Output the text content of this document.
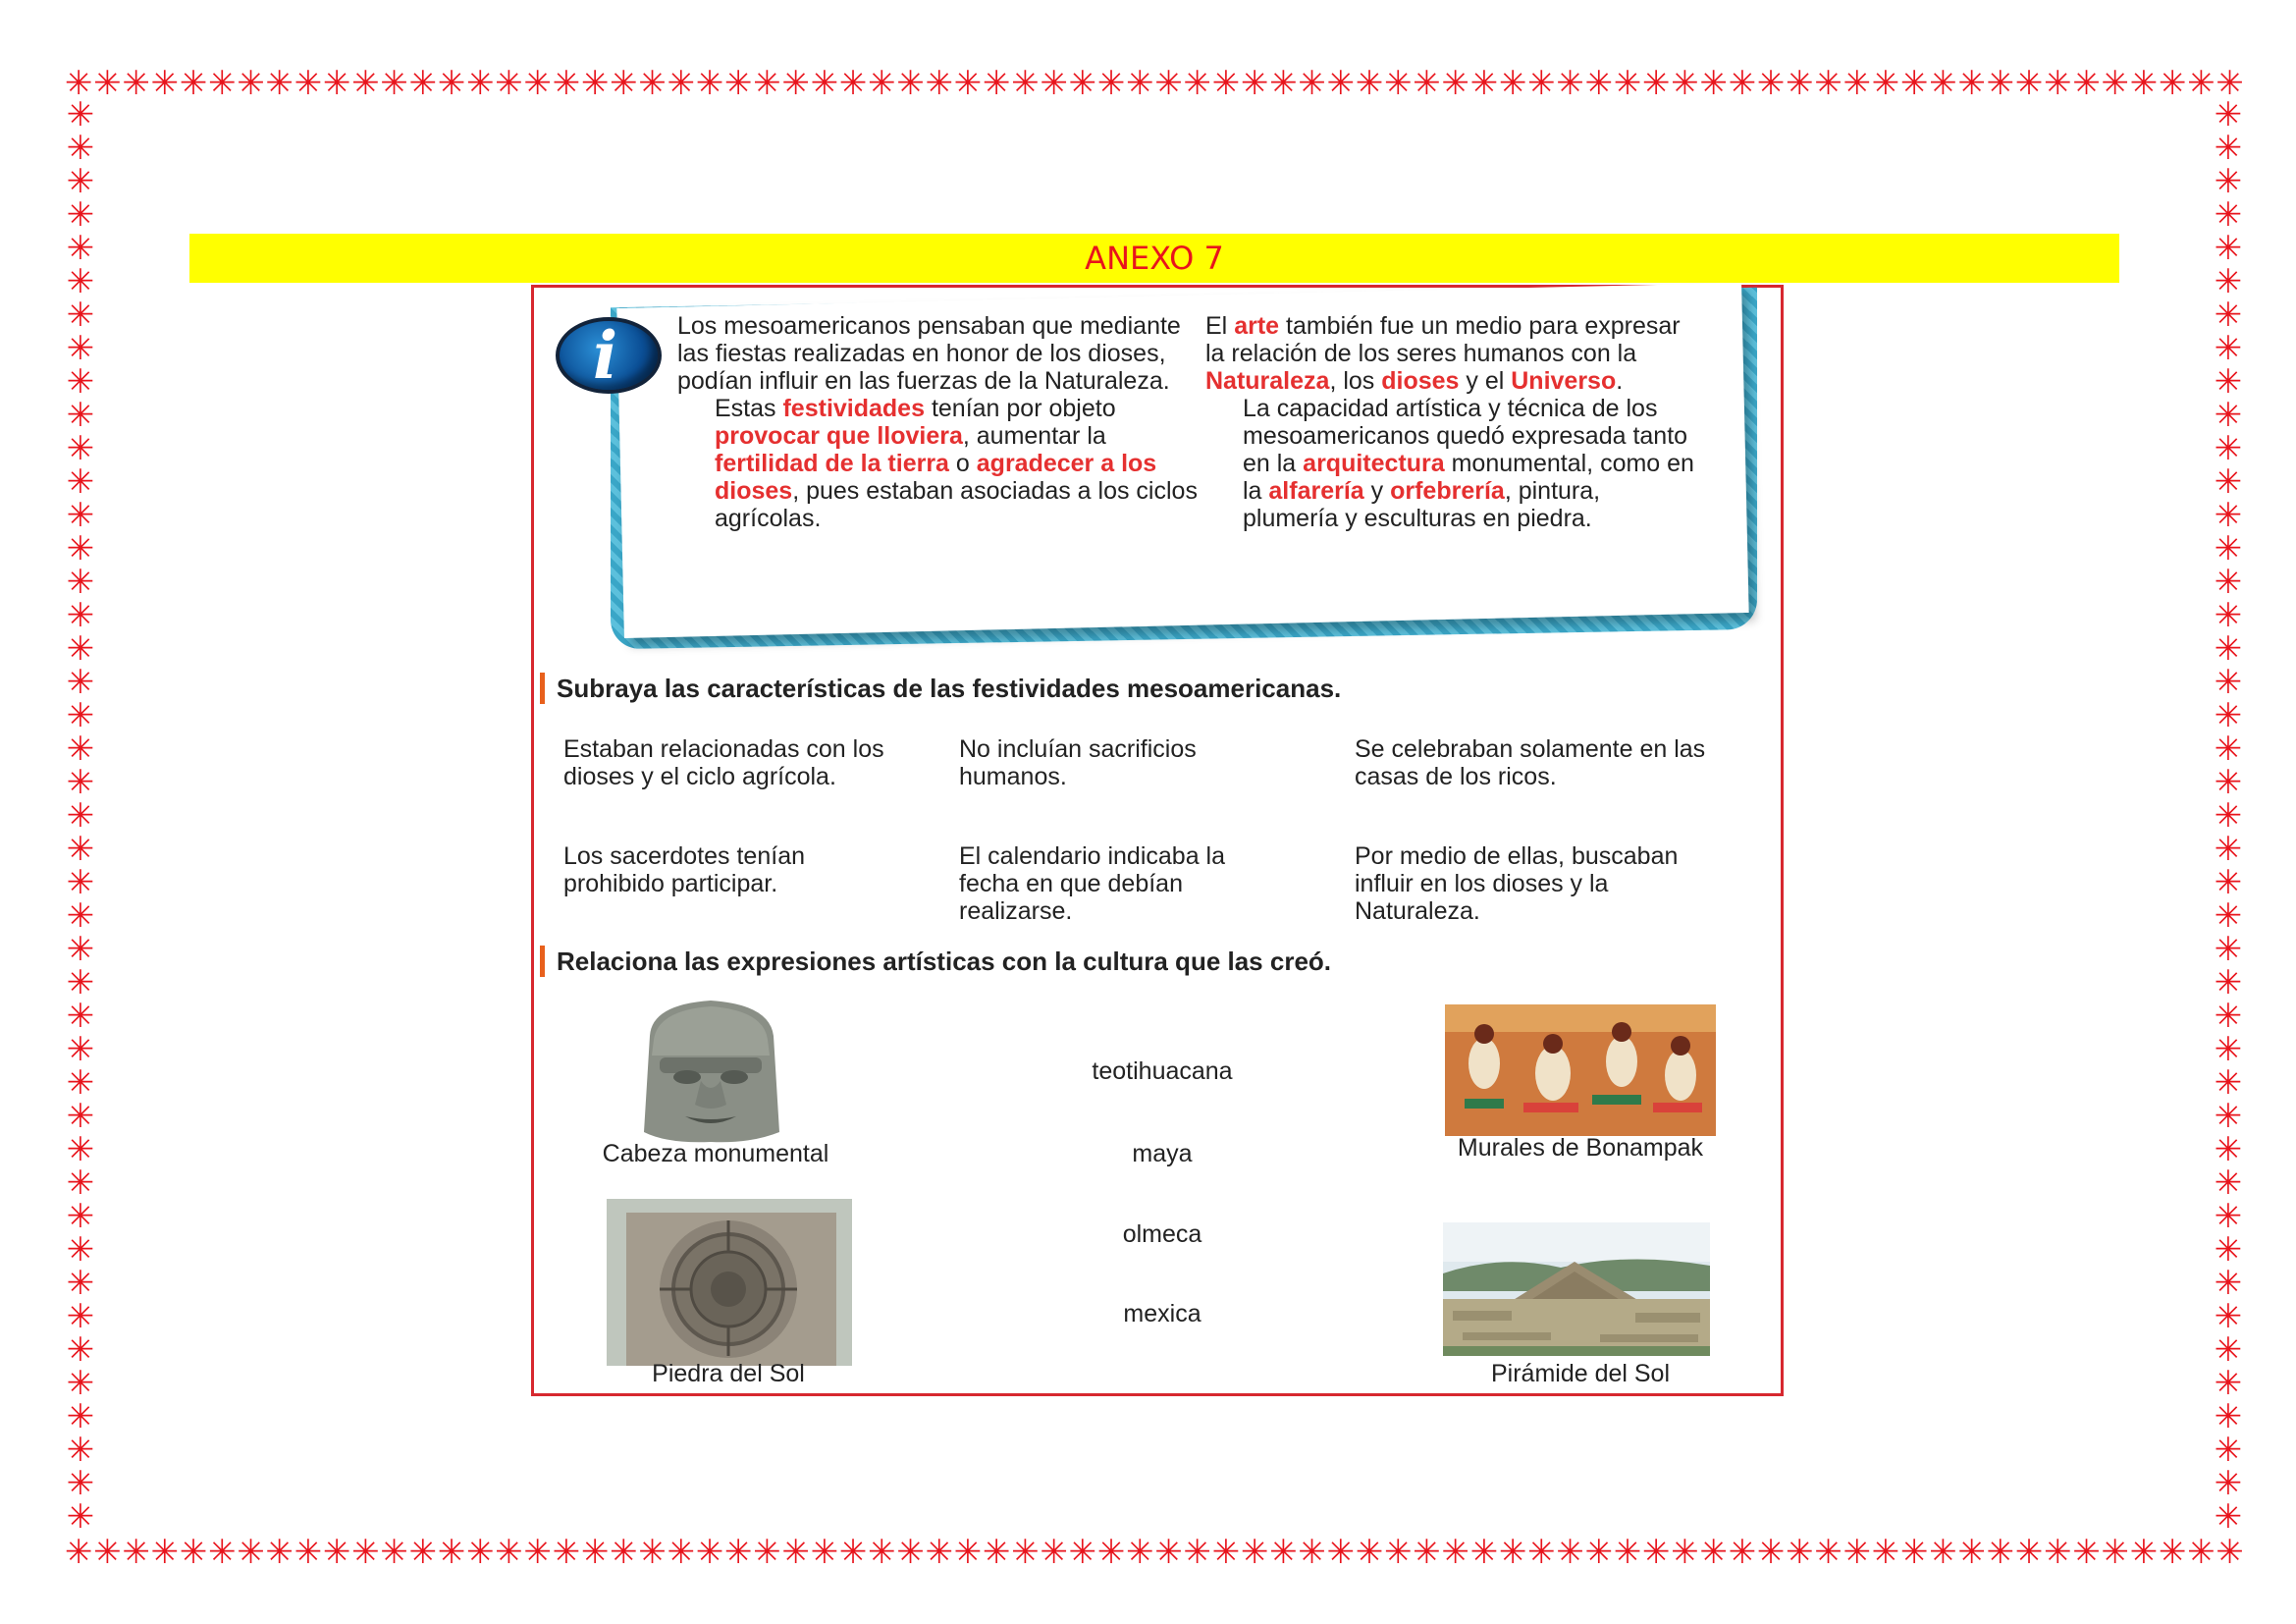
✳ ✳ ✳ ✳ ✳ ✳ ✳ ✳ ✳ ✳ ✳ ✳ ✳ ✳ ✳ ✳ ✳ ✳ ✳ ✳ ✳ ✳ ✳ ✳ ✳ ✳ ✳ ✳ ✳ ✳ ✳ ✳ ✳ ✳ ✳ ✳ ✳ ✳ ✳ ✳ ✳ ✳ ✳ ✳ ✳ ✳ ✳ ✳ ✳ ✳ ✳ ✳ ✳ ✳ ✳ ✳ ✳ ✳ ✳ ✳ ✳ ✳ ✳ ✳ ✳ ✳ ✳ ✳ ✳ ✳ ✳ ✳ ✳ ✳ ✳ ✳
✳ ✳ ✳ ✳ ✳ ✳ ✳ ✳ ✳ ✳ ✳ ✳ ✳ ✳ ✳ ✳ ✳ ✳ ✳ ✳ ✳ ✳ ✳ ✳ ✳ ✳ ✳ ✳ ✳ ✳ ✳ ✳ ✳ ✳ ✳ ✳ ✳ ✳ ✳ ✳ ✳ ✳ ✳ ✳ ✳ ✳ ✳ ✳ ✳ ✳ ✳ ✳ ✳ ✳ ✳ ✳ ✳ ✳ ✳ ✳ ✳ ✳ ✳ ✳ ✳ ✳ ✳ ✳ ✳ ✳ ✳ ✳ ✳ ✳ ✳ ✳
✳
✳
✳
✳
✳
✳
✳
✳
✳
✳
✳
✳
✳
✳
✳
✳
✳
✳
✳
✳
✳
✳
✳
✳
✳
✳
✳
✳
✳
✳
✳
✳
✳
✳
✳
✳
✳
✳
✳
✳
✳
✳
✳
✳
✳
✳
✳
✳
✳
✳
✳
✳
✳
✳
✳
✳
✳
✳
✳
✳
✳
✳
✳
✳
✳
✳
✳
✳
✳
✳
✳
✳
✳
✳
✳
✳
✳
✳
✳
✳
✳
✳
✳
✳
✳
✳
ANEXO 7
i Los mesoamericanos pensaban que mediante las fiestas realizadas en honor de los dioses, podían influir en las fuerzas de la Naturaleza.

Estas festividades tenían por objeto provocar que lloviera, aumentar la fertilidad de la tierra o agradecer a los dioses, pues estaban asociadas a los ciclos agrícolas.

El arte también fue un medio para expresar la relación de los seres humanos con la Naturaleza, los dioses y el Universo.

La capacidad artística y técnica de los mesoamericanos quedó expresada tanto en la arquitectura monumental, como en la alfarería y orfebrería, pintura, plumería y esculturas en piedra.

Subraya las características de las festividades mesoamericanas.
Estaban relacionadas con los dioses y el ciclo agrícola.
No incluían sacrificios humanos.
Se celebraban solamente en las casas de los ricos.
Los sacerdotes tenían prohibido participar.
El calendario indicaba la fecha en que debían realizarse.
Por medio de ellas, buscaban influir en los dioses y la Naturaleza.
Relaciona las expresiones artísticas con la cultura que las creó.
Cabeza monumental	Murales de Bonampak
Piedra del Sol	Pirámide del Sol
teotihuacana
maya
olmeca
mexica
